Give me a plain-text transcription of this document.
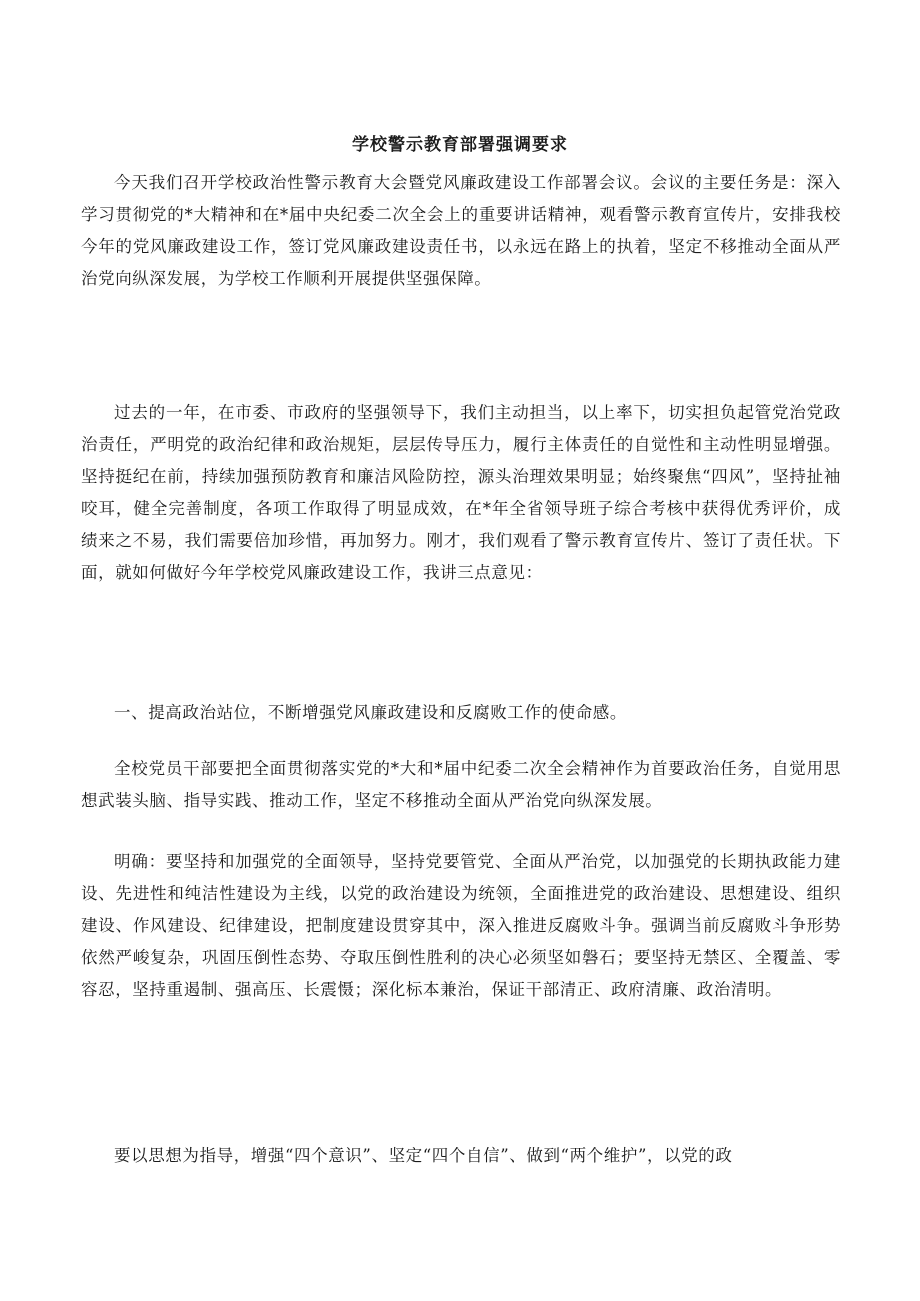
学校警示教育部署强调要求

今天我们召开学校政治性警示教育大会暨党风廉政建设工作部署会议。会议的主要任务是：深入学习贯彻党的*大精神和在*届中央纪委二次全会上的重要讲话精神，观看警示教育宣传片，安排我校今年的党风廉政建设工作，签订党风廉政建设责任书，以永远在路上的执着，坚定不移推动全面从严治党向纵深发展，为学校工作顺利开展提供坚强保障。

过去的一年，在市委、市政府的坚强领导下，我们主动担当，以上率下，切实担负起管党治党政治责任，严明党的政治纪律和政治规矩，层层传导压力，履行主体责任的自觉性和主动性明显增强。坚持挺纪在前，持续加强预防教育和廉洁风险防控，源头治理效果明显；始终聚焦“四风”，坚持扯袖咬耳，健全完善制度，各项工作取得了明显成效，在*年全省领导班子综合考核中获得优秀评价，成绩来之不易，我们需要倍加珍惜，再加努力。刚才，我们观看了警示教育宣传片、签订了责任状。下面，就如何做好今年学校党风廉政建设工作，我讲三点意见：

一、提高政治站位，不断增强党风廉政建设和反腐败工作的使命感。

全校党员干部要把全面贯彻落实党的*大和*届中纪委二次全会精神作为首要政治任务，自觉用思想武装头脑、指导实践、推动工作，坚定不移推动全面从严治党向纵深发展。

明确：要坚持和加强党的全面领导，坚持党要管党、全面从严治党，以加强党的长期执政能力建设、先进性和纯洁性建设为主线，以党的政治建设为统领，全面推进党的政治建设、思想建设、组织建设、作风建设、纪律建设，把制度建设贯穿其中，深入推进反腐败斗争。强调当前反腐败斗争形势依然严峻复杂，巩固压倒性态势、夺取压倒性胜利的决心必须坚如磐石；要坚持无禁区、全覆盖、零容忍，坚持重遏制、强高压、长震慑；深化标本兼治，保证干部清正、政府清廉、政治清明。

要以思想为指导，增强“四个意识”、坚定“四个自信”、做到“两个维护”，以党的政
